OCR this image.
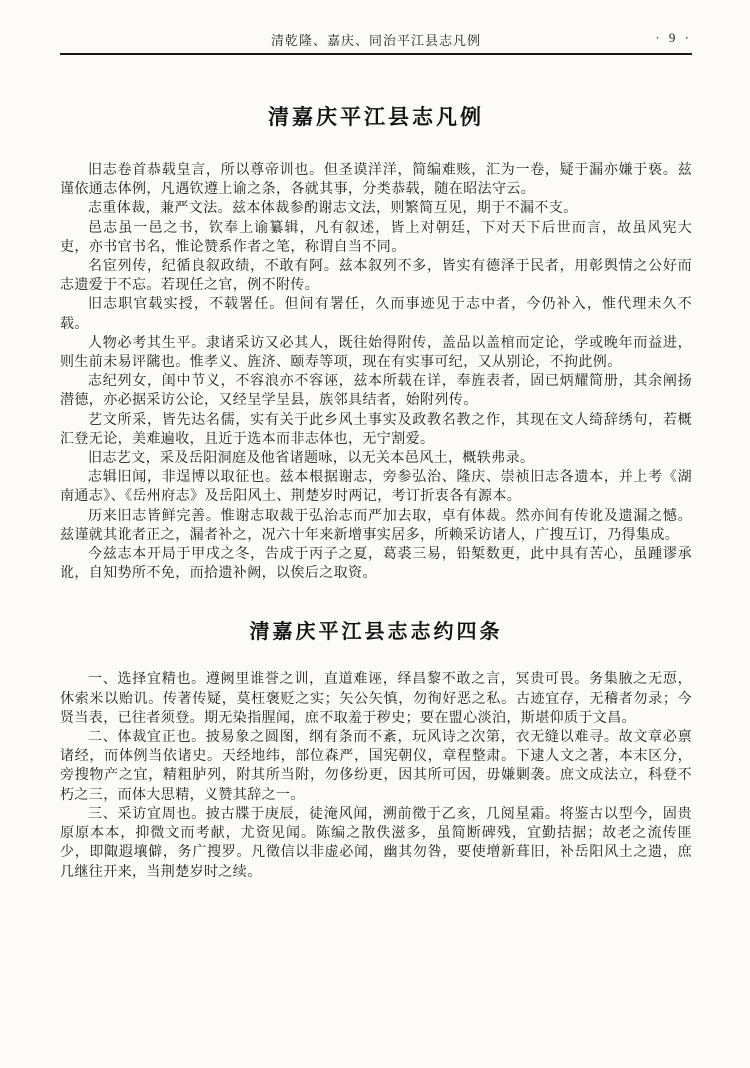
清乾隆、嘉庆、同治平江县志凡例	· 9 ·
清嘉庆平江县志凡例

旧志卷首恭载皇言，所以尊帝训也。但圣谟洋洋，简编难赅，汇为一卷，疑于漏亦嫌于亵。兹谨依通志体例，凡遇钦遵上谕之条，各就其事，分类恭载，随在昭法守云。

志重体裁，兼严文法。兹本体裁参酌谢志文法，则繁简互见，期于不漏不支。

邑志虽一邑之书，钦奉上谕纂辑，凡有叙述，皆上对朝廷，下对天下后世而言，故虽风宪大吏，亦书官书名，惟论赞系作者之笔，称谓自当不同。

名宦列传，纪循良叙政绩，不敢有阿。兹本叙列不多，皆实有德泽于民者，用彰舆情之公好而志遗爱于不忘。若现任之官，例不附传。

旧志职官载实授，不载署任。但间有署任，久而事迹见于志中者，今仍补入，惟代理未久不载。

人物必考其生平。隶诸采访又必其人，既往始得附传，盖品以盖棺而定论，学或晚年而益进，则生前未易评隲也。惟孝义、旌济、颐寿等项，现在有实事可纪，又从别论，不拘此例。

志纪列女，闺中节义，不容浪亦不容诬，兹本所载在详，奉旌表者，固已炳耀简册，其余阐扬潜德，亦必据采访公论，又经呈学呈县，族邻具结者，始附列传。

艺文所采，皆先达名儒，实有关于此乡风土事实及政教名教之作，其现在文人绮辞绣句，若概汇登无论，美难遍收，且近于选本而非志体也，无宁割爱。

旧志艺文，采及岳阳洞庭及他省诸题咏，以无关本邑风土，概轶弗录。

志辑旧闻，非逞博以取征也。兹本根据谢志，旁参弘治、隆庆、崇祯旧志各遗本，并上考《湖南通志》、《岳州府志》及岳阳风土、荆楚岁时两记，考订折衷各有源本。

历来旧志皆鲜完善。惟谢志取裁于弘治志而严加去取，卓有体裁。然亦间有传讹及遗漏之憾。兹谨就其讹者正之，漏者补之，况六十年来新增事实居多，所赖采访诸人，广搜互订，乃得集成。

今兹志本开局于甲戌之冬，告成于丙子之夏，葛裘三易，铅椠数更，此中具有苦心，虽踵谬承讹，自知势所不免，而拾遗补阙，以俟后之取资。

清嘉庆平江县志志约四条

一、选择宜精也。遵阙里谁誉之训，直道难诬，绎昌黎不敢之言，冥贵可畏。务集腋之无恧，休索米以贻讥。传著传疑，莫枉褒贬之实；矢公矢慎，勿徇好恶之私。古迹宜存，无稽者勿录；今贤当表，已往者须登。期无染指腥闻，庶不取羞于秽史；要在盟心淡泊，斯堪仰质于文昌。

二、体裁宜正也。披易象之圆图，纲有条而不紊，玩风诗之次第，衣无缝以难寻。故文章必禀诸经，而体例当依诸史。天经地纬，部位森严，国宪朝仪，章程整肃。下逮人文之著，本末区分，旁搜物产之宜，精粗胪列，附其所当附，勿侈纷更，因其所可因，毋嫌剿袭。庶文成法立，科登不朽之三，而体大思精，义赞其辞之一。

三、采访宜周也。披古牒于庚辰，徒淹风闻，溯前徵于乙亥，几阅星霜。将鉴古以型今，固贵原原本本，抑微文而考献，尤资见闻。陈编之散佚滋多，虽简断碑残，宜勤拮据；故老之流传匪少，即陬遐壤僻，务广搜罗。凡徵信以非虚必闻，幽其勿咎，要使增新葺旧，补岳阳风土之遗，庶几继往开来，当荆楚岁时之续。
